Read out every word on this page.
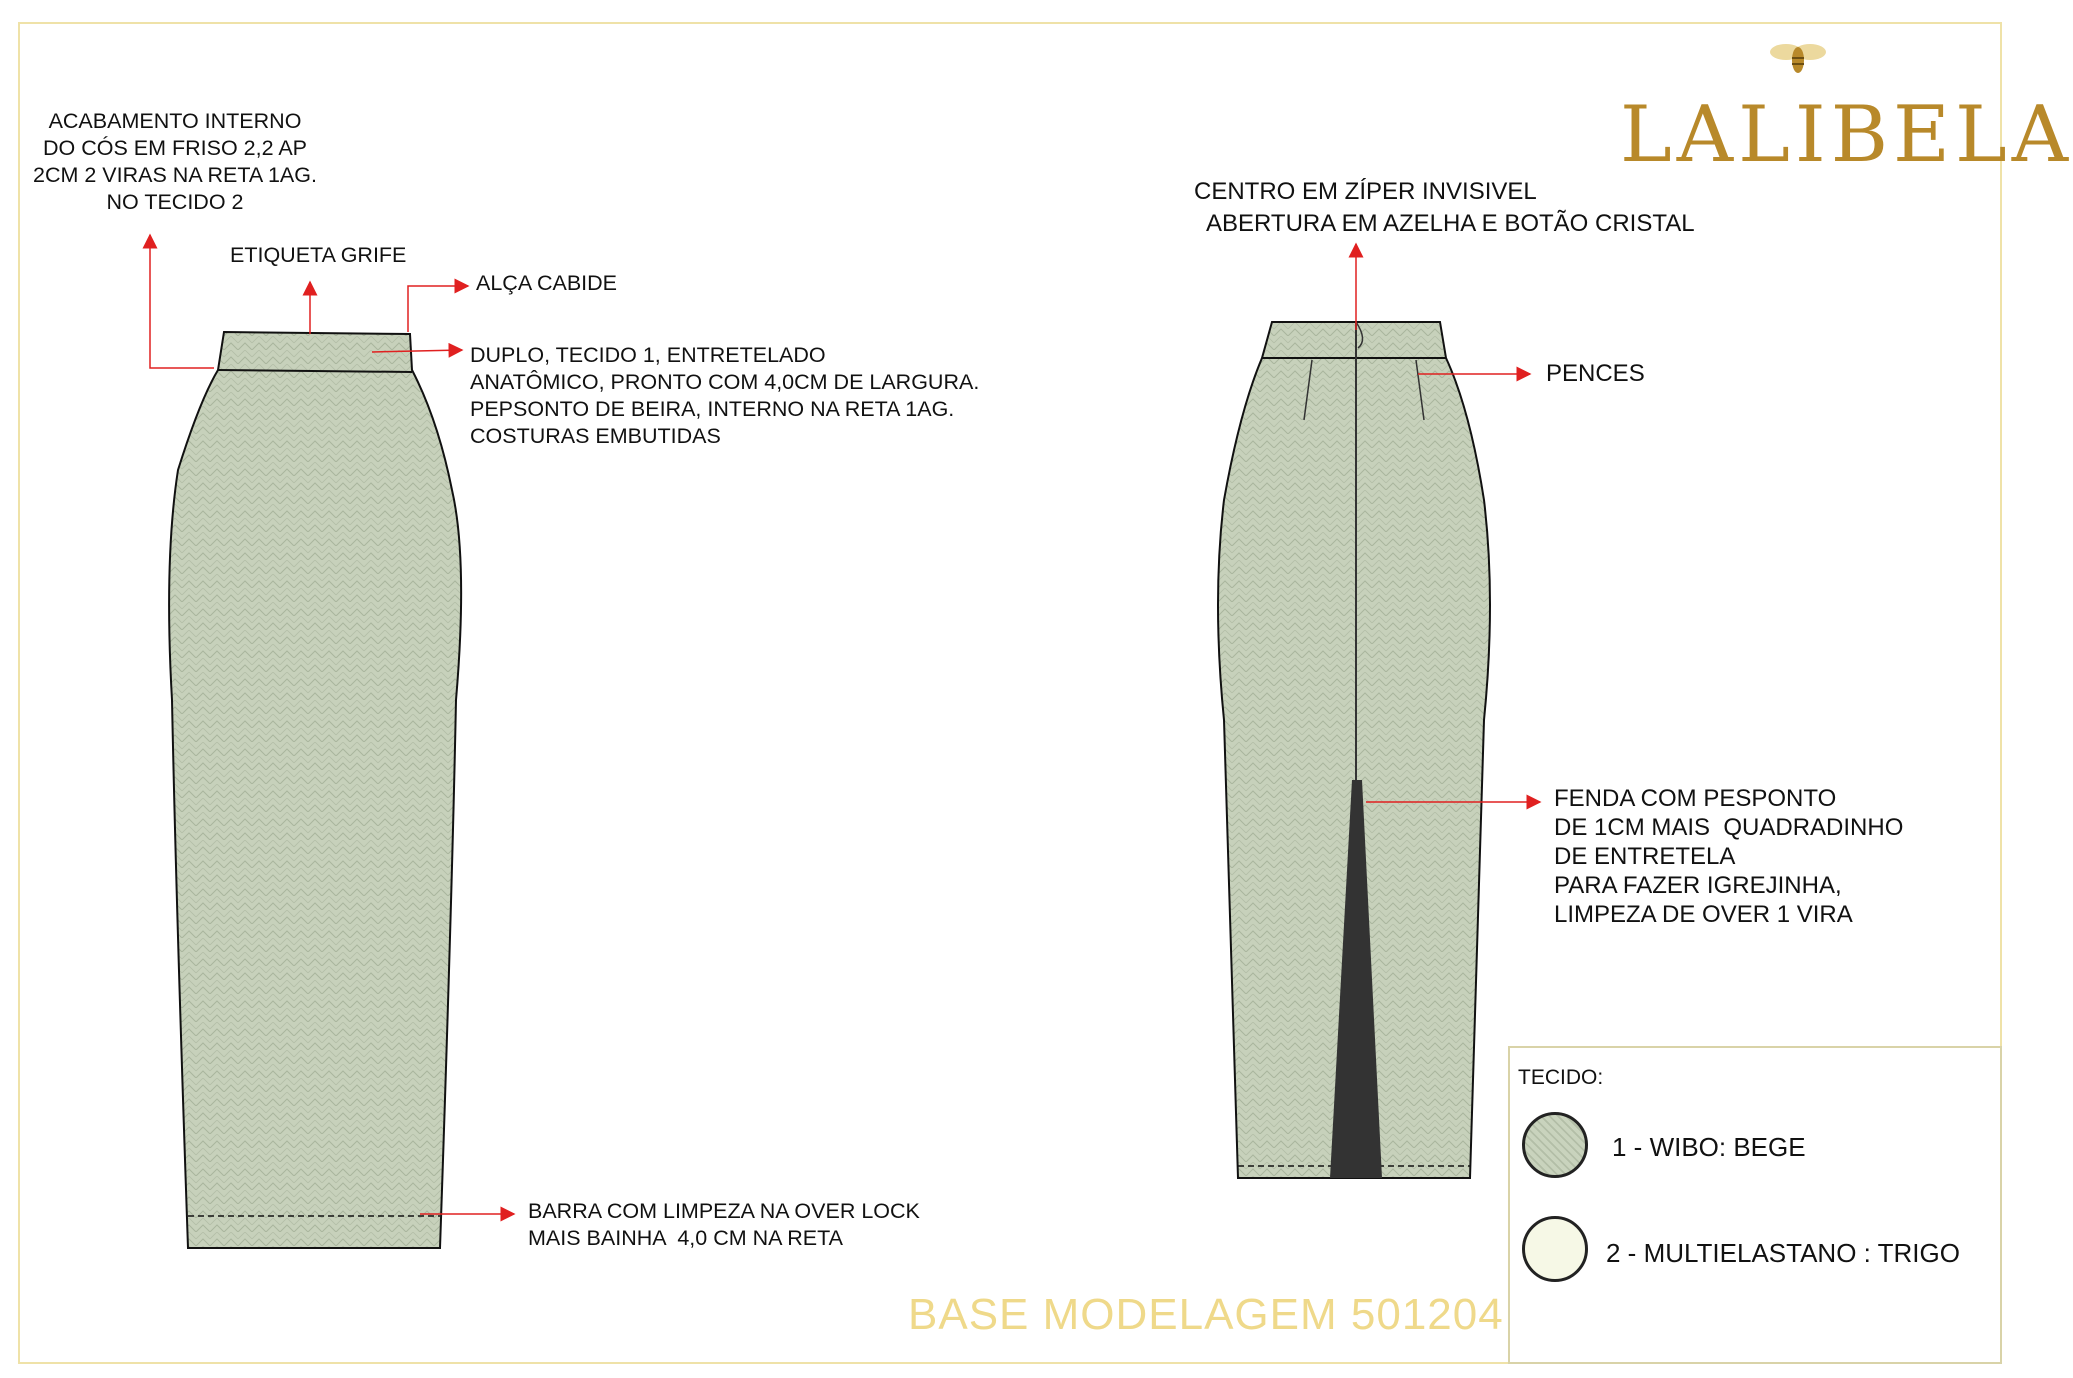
LALIBELA
ACABAMENTO INTERNO
DO CÓS EM FRISO 2,2 AP
2CM 2 VIRAS NA RETA 1AG.
NO TECIDO 2
ETIQUETA GRIFE
ALÇA CABIDE
DUPLO, TECIDO 1, ENTRETELADO
ANATÔMICO, PRONTO COM 4,0CM DE LARGURA.
PEPSONTO DE BEIRA, INTERNO NA RETA 1AG.
COSTURAS EMBUTIDAS
BARRA COM LIMPEZA NA OVER LOCK
MAIS BAINHA  4,0 CM NA RETA
CENTRO EM ZÍPER INVISIVEL
ABERTURA EM AZELHA E BOTÃO CRISTAL
PENCES
FENDA COM PESPONTO
DE 1CM MAIS  QUADRADINHO
DE ENTRETELA
PARA FAZER IGREJINHA,
LIMPEZA DE OVER 1 VIRA
BASE MODELAGEM 501204
TECIDO:
1 - WIBO: BEGE
2 - MULTIELASTANO : TRIGO
